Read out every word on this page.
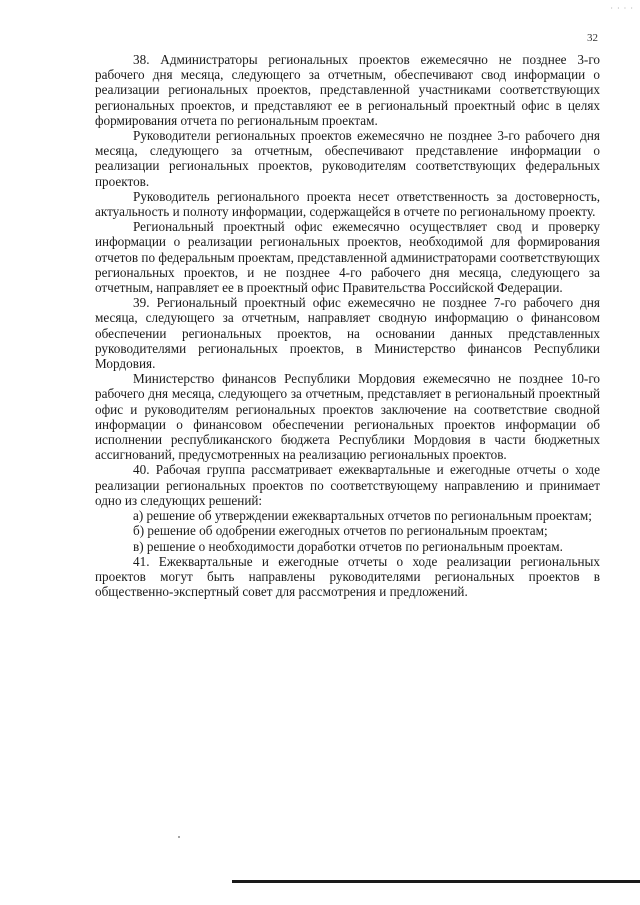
· · · ·
32

38. Администраторы региональных проектов ежемесячно не позднее 3-го рабочего дня месяца, следующего за отчетным, обеспечивают свод информации о реализации региональных проектов, представленной участниками соответствующих региональных проектов, и представляют ее в региональный проектный офис в целях формирования отчета по региональным проектам.

Руководители региональных проектов ежемесячно не позднее 3-го рабочего дня месяца, следующего за отчетным, обеспечивают представление информации о реализации региональных проектов, руководителям соответствующих федеральных проектов.

Руководитель регионального проекта несет ответственность за достоверность, актуальность и полноту информации, содержащейся в отчете по региональному проекту.

Региональный проектный офис ежемесячно осуществляет свод и проверку информации о реализации региональных проектов, необходимой для формирования отчетов по федеральным проектам, представленной администраторами соответствующих региональных проектов, и не позднее 4-го рабочего дня месяца, следующего за отчетным, направляет ее в проектный офис Правительства Российской Федерации.

39. Региональный проектный офис ежемесячно не позднее 7-го рабочего дня месяца, следующего за отчетным, направляет сводную информацию о финансовом обеспечении региональных проектов, на основании данных представленных руководителями региональных проектов, в Министерство финансов Республики Мордовия.

Министерство финансов Республики Мордовия ежемесячно не позднее 10-го рабочего дня месяца, следующего за отчетным, представляет в региональный проектный офис и руководителям региональных проектов заключение на соответствие сводной информации о финансовом обеспечении региональных проектов информации об исполнении республиканского бюджета Республики Мордовия в части бюджетных ассигнований, предусмотренных на реализацию региональных проектов.

40. Рабочая группа рассматривает ежеквартальные и ежегодные отчеты о ходе реализации региональных проектов по соответствующему направлению и принимает одно из следующих решений:

а) решение об утверждении ежеквартальных отчетов по региональным проектам;

б) решение об одобрении ежегодных отчетов по региональным проектам;

в) решение о необходимости доработки отчетов по региональным проектам.

41. Ежеквартальные и ежегодные отчеты о ходе реализации региональных проектов могут быть направлены руководителями региональных проектов в общественно-экспертный совет для рассмотрения и предложений.
